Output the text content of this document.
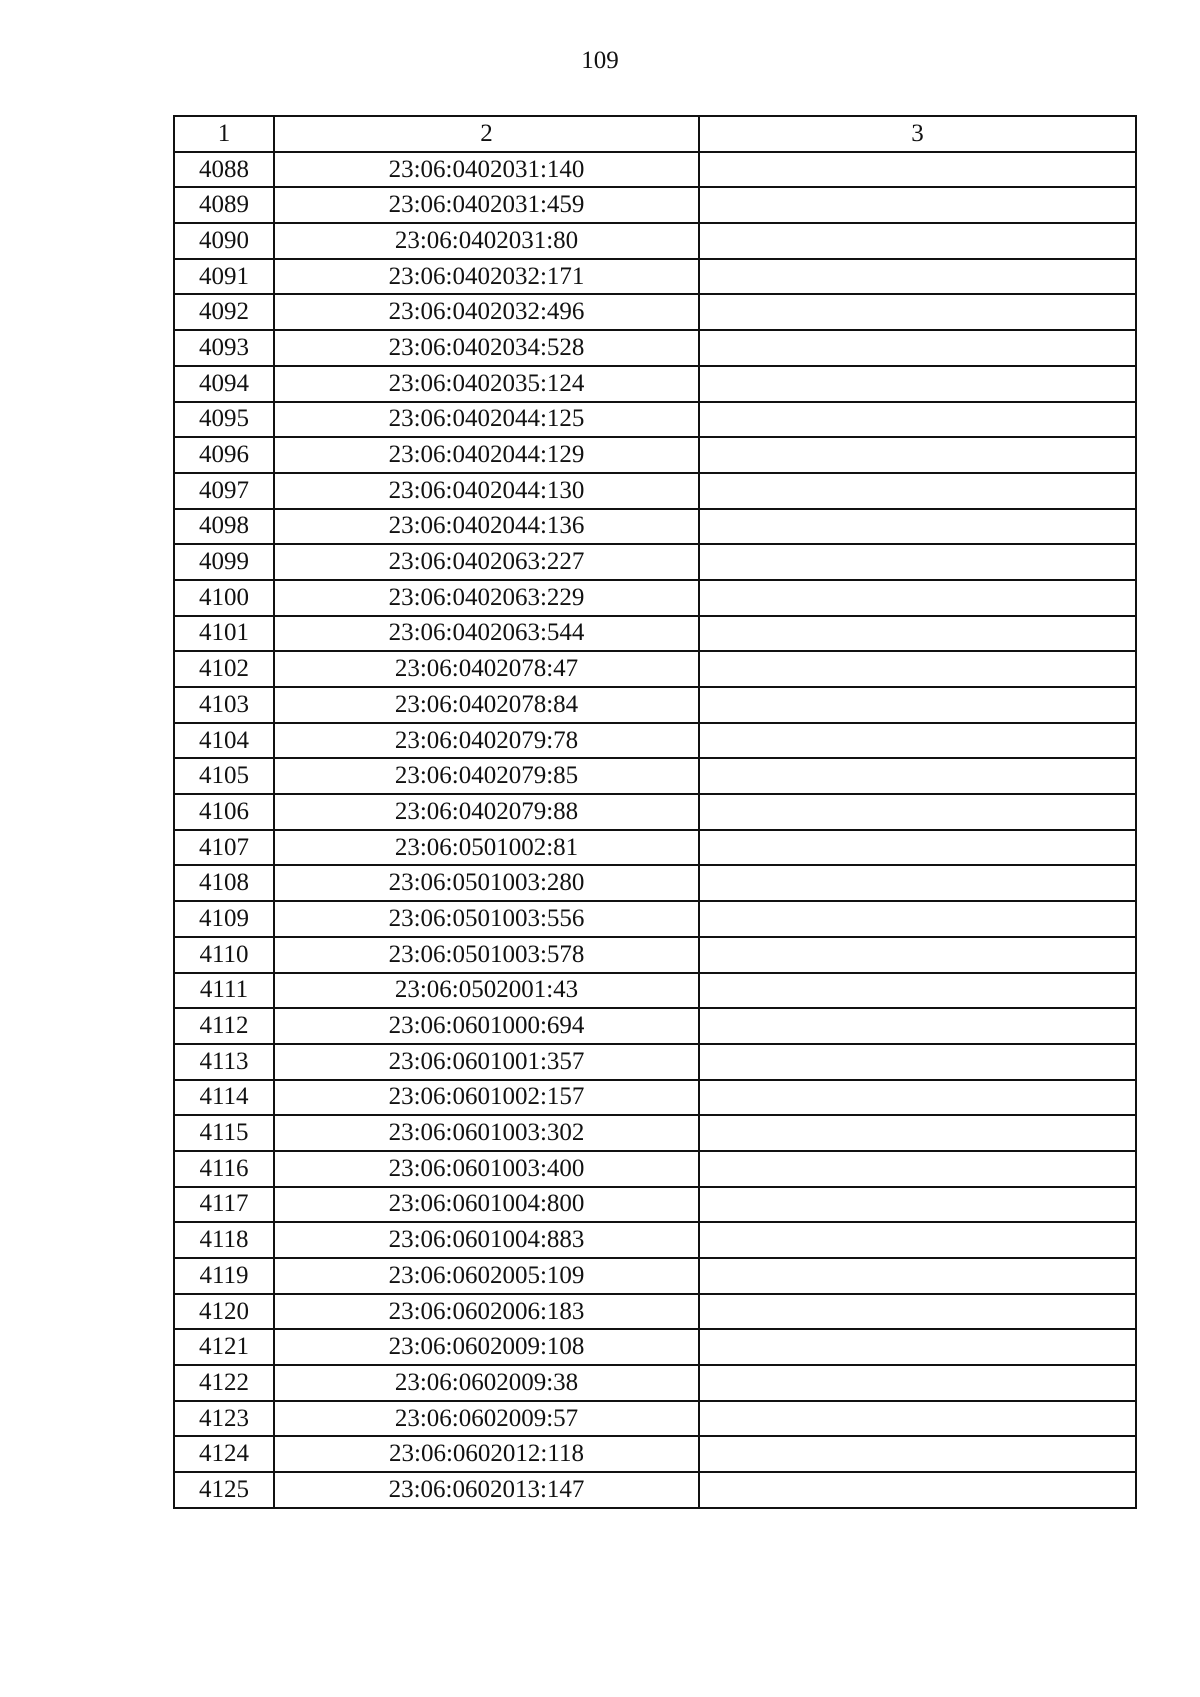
109
1	2	3
4088	23:06:0402031:140	
4089	23:06:0402031:459	
4090	23:06:0402031:80	
4091	23:06:0402032:171	
4092	23:06:0402032:496	
4093	23:06:0402034:528	
4094	23:06:0402035:124	
4095	23:06:0402044:125	
4096	23:06:0402044:129	
4097	23:06:0402044:130	
4098	23:06:0402044:136	
4099	23:06:0402063:227	
4100	23:06:0402063:229	
4101	23:06:0402063:544	
4102	23:06:0402078:47	
4103	23:06:0402078:84	
4104	23:06:0402079:78	
4105	23:06:0402079:85	
4106	23:06:0402079:88	
4107	23:06:0501002:81	
4108	23:06:0501003:280	
4109	23:06:0501003:556	
4110	23:06:0501003:578	
4111	23:06:0502001:43	
4112	23:06:0601000:694	
4113	23:06:0601001:357	
4114	23:06:0601002:157	
4115	23:06:0601003:302	
4116	23:06:0601003:400	
4117	23:06:0601004:800	
4118	23:06:0601004:883	
4119	23:06:0602005:109	
4120	23:06:0602006:183	
4121	23:06:0602009:108	
4122	23:06:0602009:38	
4123	23:06:0602009:57	
4124	23:06:0602012:118	
4125	23:06:0602013:147	
